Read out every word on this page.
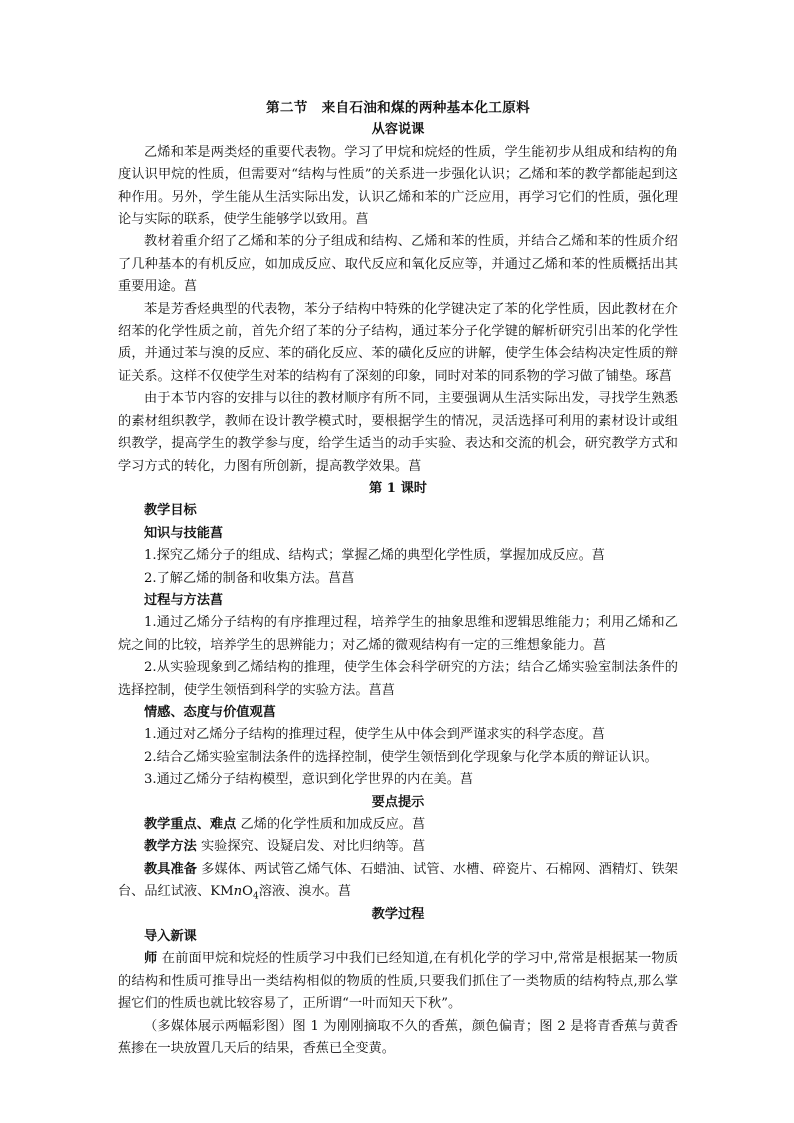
第二节　来自石油和煤的两种基本化工原料
从容说课

乙烯和苯是两类烃的重要代表物。学习了甲烷和烷烃的性质，学生能初步从组成和结构的角度认识甲烷的性质，但需要对“结构与性质”的关系进一步强化认识；乙烯和苯的教学都能起到这种作用。另外，学生能从生活实际出发，认识乙烯和苯的广泛应用，再学习它们的性质，强化理论与实际的联系，使学生能够学以致用。菖

教材着重介绍了乙烯和苯的分子组成和结构、乙烯和苯的性质，并结合乙烯和苯的性质介绍了几种基本的有机反应，如加成反应、取代反应和氧化反应等，并通过乙烯和苯的性质概括出其重要用途。菖

苯是芳香烃典型的代表物，苯分子结构中特殊的化学键决定了苯的化学性质，因此教材在介绍苯的化学性质之前，首先介绍了苯的分子结构，通过苯分子化学键的解析研究引出苯的化学性质，并通过苯与溴的反应、苯的硝化反应、苯的磺化反应的讲解，使学生体会结构决定性质的辩证关系。这样不仅使学生对苯的结构有了深刻的印象，同时对苯的同系物的学习做了铺垫。琢菖

由于本节内容的安排与以往的教材顺序有所不同，主要强调从生活实际出发，寻找学生熟悉的素材组织教学，教师在设计教学模式时，要根据学生的情况，灵活选择可利用的素材设计或组织教学，提高学生的教学参与度，给学生适当的动手实验、表达和交流的机会，研究教学方式和学习方式的转化，力图有所创新，提高教学效果。菖

第 1 课时

教学目标

知识与技能菖

1.探究乙烯分子的组成、结构式；掌握乙烯的典型化学性质，掌握加成反应。菖

2.了解乙烯的制备和收集方法。菖菖

过程与方法菖

1.通过乙烯分子结构的有序推理过程，培养学生的抽象思维和逻辑思维能力；利用乙烯和乙烷之间的比较，培养学生的思辨能力；对乙烯的微观结构有一定的三维想象能力。菖

2.从实验现象到乙烯结构的推理，使学生体会科学研究的方法；结合乙烯实验室制法条件的选择控制，使学生领悟到科学的实验方法。菖菖

情感、态度与价值观菖

1.通过对乙烯分子结构的推理过程，使学生从中体会到严谨求实的科学态度。菖

2.结合乙烯实验室制法条件的选择控制，使学生领悟到化学现象与化学本质的辩证认识。

3.通过乙烯分子结构模型，意识到化学世界的内在美。菖

要点提示

教学重点、难点 乙烯的化学性质和加成反应。菖

教学方法 实验探究、设疑启发、对比归纳等。菖

教具准备 多媒体、两试管乙烯气体、石蜡油、试管、水槽、碎瓷片、石棉网、酒精灯、铁架台、品红试液、KMnO$_4$溶液、溴水。菖

教学过程

导入新课

师 在前面甲烷和烷烃的性质学习中我们已经知道,在有机化学的学习中,常常是根据某一物质的结构和性质可推导出一类结构相似的物质的性质,只要我们抓住了一类物质的结构特点,那么掌握它们的性质也就比较容易了，正所谓“一叶而知天下秋”。

（多媒体展示两幅彩图）图 1 为刚刚摘取不久的香蕉，颜色偏青；图 2 是将青香蕉与黄香蕉掺在一块放置几天后的结果，香蕉已全变黄。
